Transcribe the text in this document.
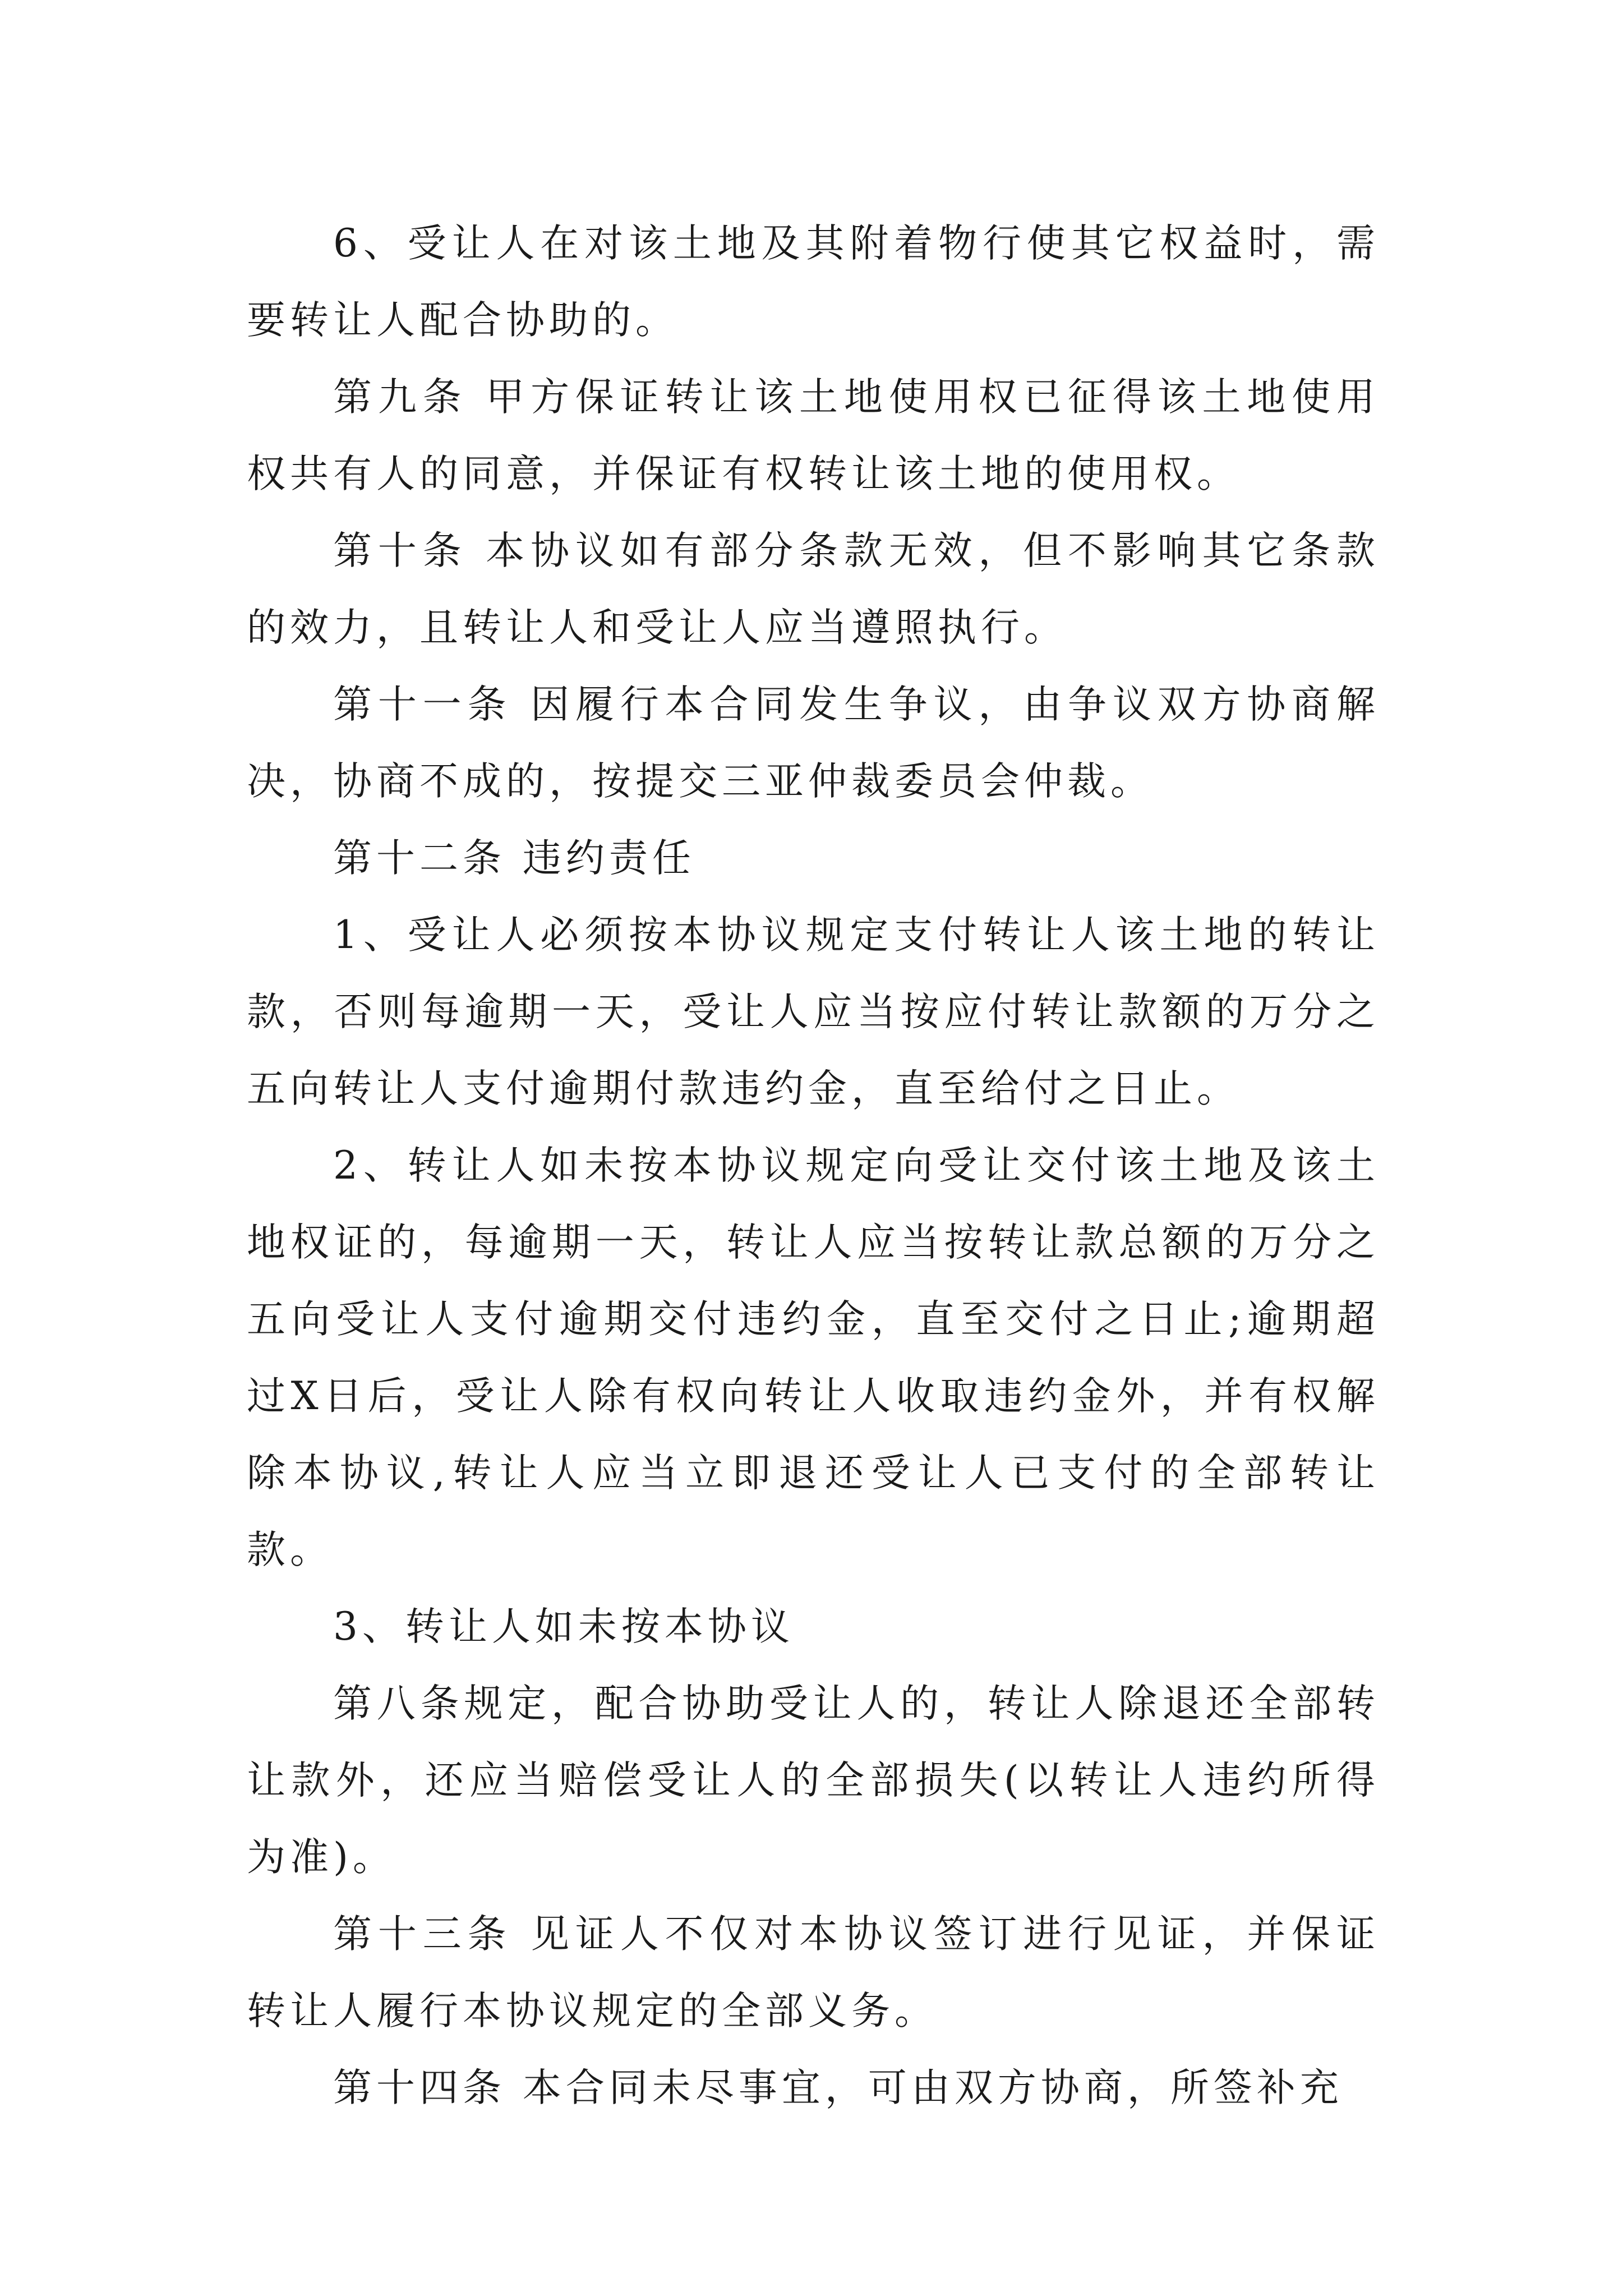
6、受让人在对该土地及其附着物行使其它权益时，需要转让人配合协助的。

第九条 甲方保证转让该土地使用权已征得该土地使用权共有人的同意，并保证有权转让该土地的使用权。

第十条 本协议如有部分条款无效，但不影响其它条款的效力，且转让人和受让人应当遵照执行。

第十一条 因履行本合同发生争议，由争议双方协商解决，协商不成的，按提交三亚仲裁委员会仲裁。

第十二条 违约责任

1、受让人必须按本协议规定支付转让人该土地的转让款，否则每逾期一天，受让人应当按应付转让款额的万分之五向转让人支付逾期付款违约金，直至给付之日止。

2、转让人如未按本协议规定向受让交付该土地及该土地权证的，每逾期一天，转让人应当按转让款总额的万分之五向受让人支付逾期交付违约金，直至交付之日止;逾期超过X日后，受让人除有权向转让人收取违约金外，并有权解除本协议,转让人应当立即退还受让人已支付的全部转让款。

3、转让人如未按本协议

第八条规定，配合协助受让人的，转让人除退还全部转让款外，还应当赔偿受让人的全部损失(以转让人违约所得为准)。

第十三条 见证人不仅对本协议签订进行见证，并保证转让人履行本协议规定的全部义务。

第十四条 本合同未尽事宜，可由双方协商，所签补充
